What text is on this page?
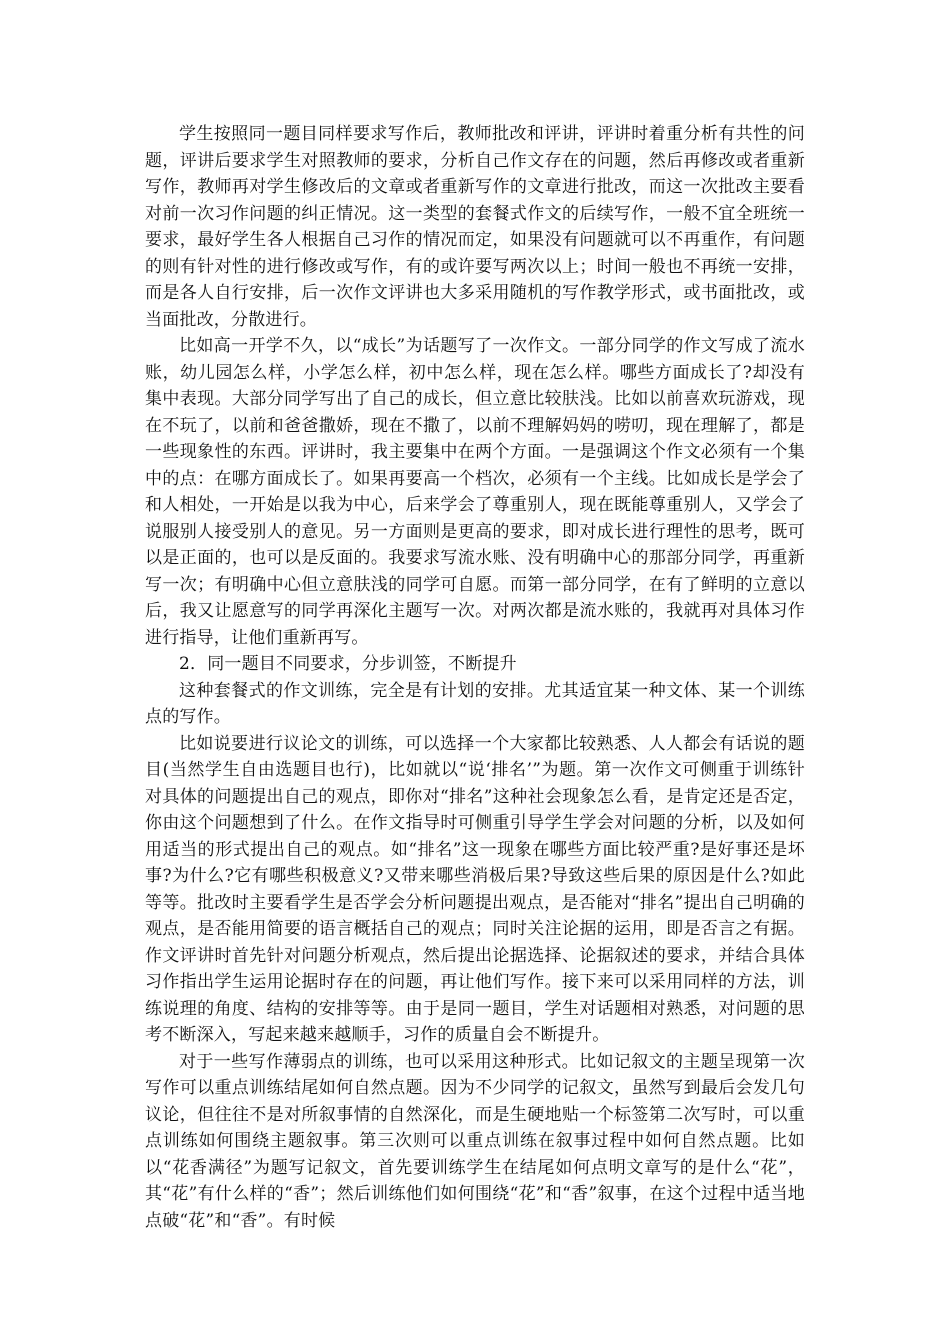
学生按照同一题目同样要求写作后，教师批改和评讲，评讲时着重分析有共性的问题，评讲后要求学生对照教师的要求，分析自己作文存在的问题，然后再修改或者重新写作，教师再对学生修改后的文章或者重新写作的文章进行批改，而这一次批改主要看对前一次习作问题的纠正情况。这一类型的套餐式作文的后续写作，一般不宜全班统一要求，最好学生各人根据自己习作的情况而定，如果没有问题就可以不再重作，有问题的则有针对性的进行修改或写作，有的或许要写两次以上；时间一般也不再统一安排，而是各人自行安排，后一次作文评讲也大多采用随机的写作教学形式，或书面批改，或当面批改，分散进行。

比如高一开学不久，以“成长”为话题写了一次作文。一部分同学的作文写成了流水账，幼儿园怎么样，小学怎么样，初中怎么样，现在怎么样。哪些方面成长了?却没有集中表现。大部分同学写出了自己的成长，但立意比较肤浅。比如以前喜欢玩游戏，现在不玩了，以前和爸爸撒娇，现在不撒了，以前不理解妈妈的唠叨，现在理解了，都是一些现象性的东西。评讲时，我主要集中在两个方面。一是强调这个作文必须有一个集中的点：在哪方面成长了。如果再要高一个档次，必须有一个主线。比如成长是学会了和人相处，一开始是以我为中心，后来学会了尊重别人，现在既能尊重别人，又学会了说服别人接受别人的意见。另一方面则是更高的要求，即对成长进行理性的思考，既可以是正面的，也可以是反面的。我要求写流水账、没有明确中心的那部分同学，再重新写一次；有明确中心但立意肤浅的同学可自愿。而第一部分同学，在有了鲜明的立意以后，我又让愿意写的同学再深化主题写一次。对两次都是流水账的，我就再对具体习作进行指导，让他们重新再写。

2．同一题目不同要求，分步训签，不断提升

这种套餐式的作文训练，完全是有计划的安排。尤其适宜某一种文体、某一个训练点的写作。

比如说要进行议论文的训练，可以选择一个大家都比较熟悉、人人都会有话说的题目(当然学生自由选题目也行)，比如就以“说‘排名’”为题。第一次作文可侧重于训练针对具体的问题提出自己的观点，即你对“排名”这种社会现象怎么看，是肯定还是否定，你由这个问题想到了什么。在作文指导时可侧重引导学生学会对问题的分析，以及如何用适当的形式提出自己的观点。如“排名”这一现象在哪些方面比较严重?是好事还是坏事?为什么?它有哪些积极意义?又带来哪些消极后果?导致这些后果的原因是什么?如此等等。批改时主要看学生是否学会分析问题提出观点，是否能对“排名”提出自己明确的观点，是否能用简要的语言概括自己的观点；同时关注论据的运用，即是否言之有据。作文评讲时首先针对问题分析观点，然后提出论据选择、论据叙述的要求，并结合具体习作指出学生运用论据时存在的问题，再让他们写作。接下来可以采用同样的方法，训练说理的角度、结构的安排等等。由于是同一题目，学生对话题相对熟悉，对问题的思考不断深入，写起来越来越顺手，习作的质量自会不断提升。

对于一些写作薄弱点的训练，也可以采用这种形式。比如记叙文的主题呈现第一次写作可以重点训练结尾如何自然点题。因为不少同学的记叙文，虽然写到最后会发几句议论，但往往不是对所叙事情的自然深化，而是生硬地贴一个标签第二次写时，可以重点训练如何围绕主题叙事。第三次则可以重点训练在叙事过程中如何自然点题。比如以“花香满径”为题写记叙文，首先要训练学生在结尾如何点明文章写的是什么“花”，其“花”有什么样的“香”；然后训练他们如何围绕“花”和“香”叙事，在这个过程中适当地点破“花”和“香”。有时候
